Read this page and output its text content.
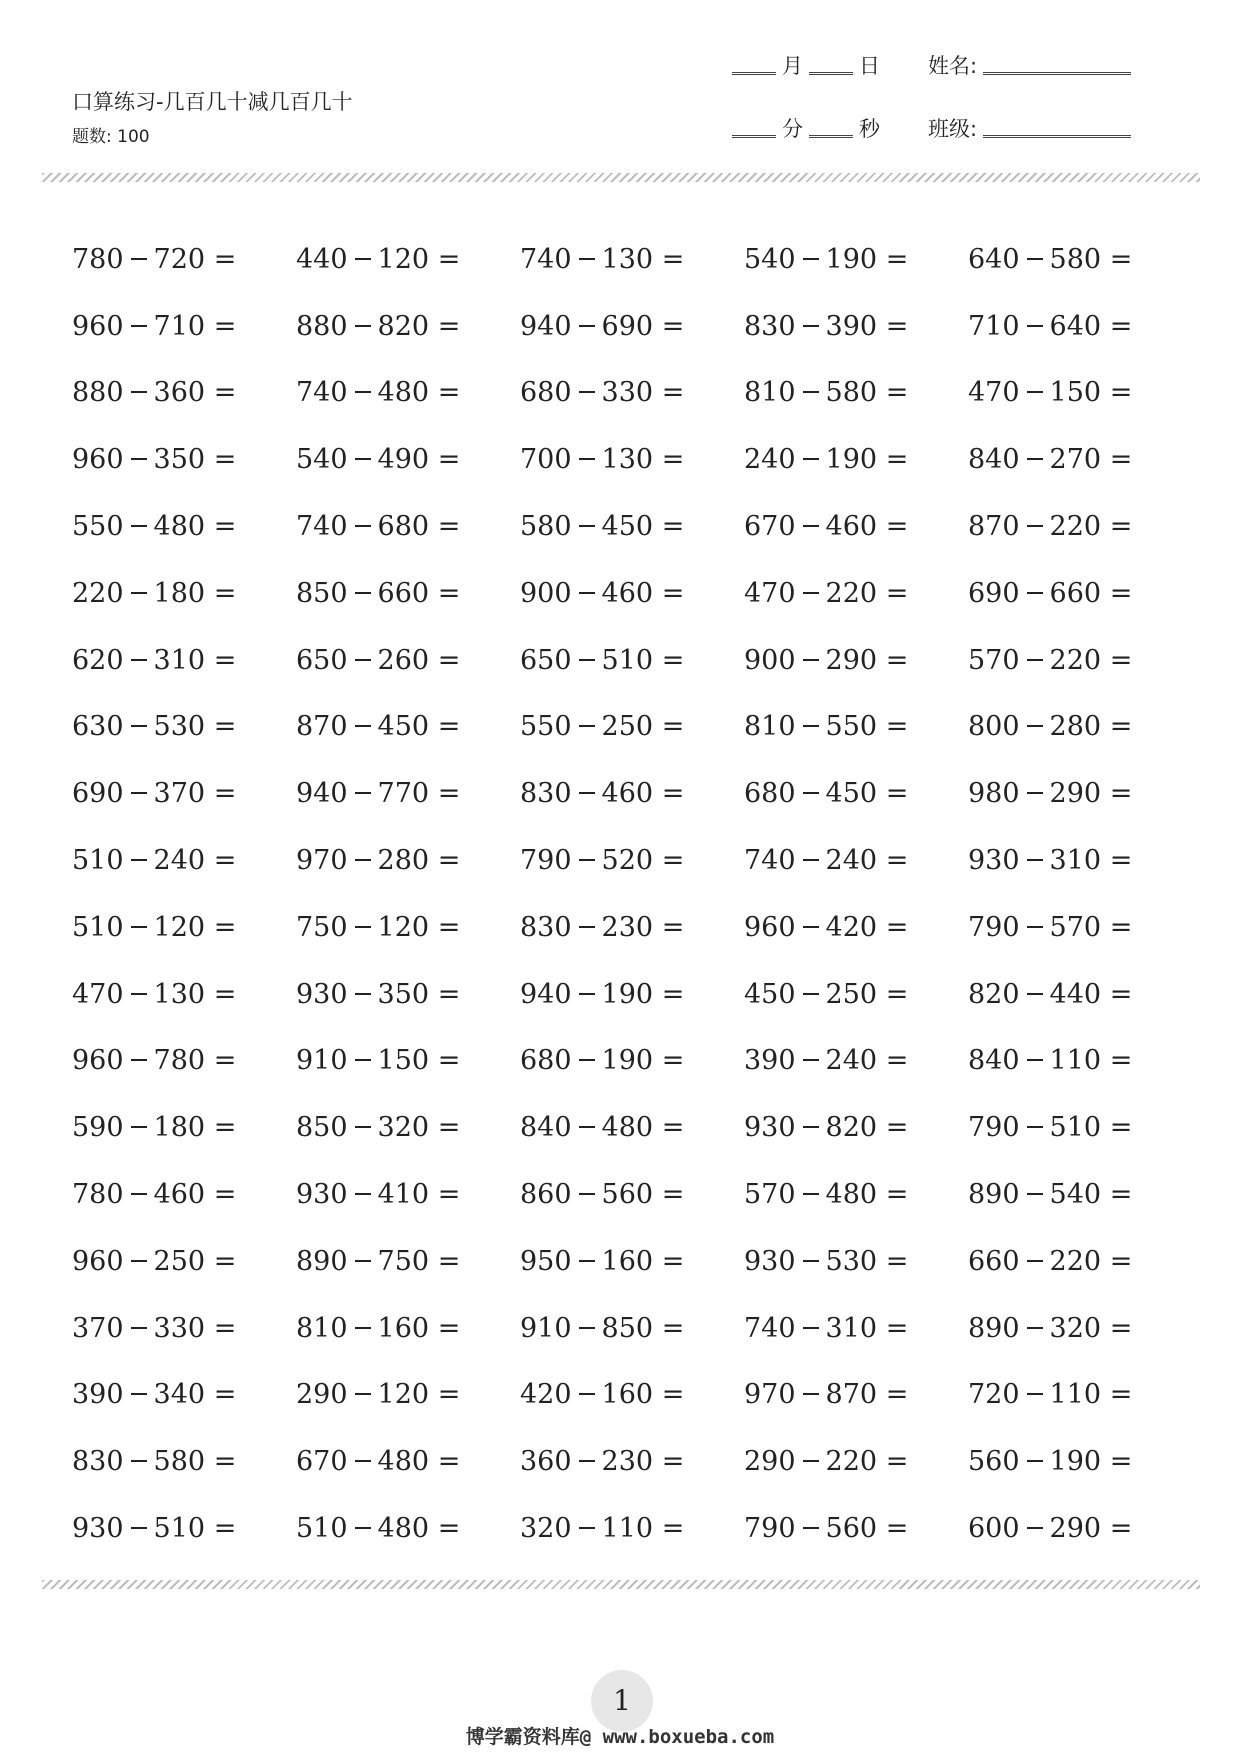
口算练习-几百几十减几百几十
题数: 100
月	日
分	秒
姓名:
班级:
780 720 =	440 120 =	740 130 =	540 190 =	640 580 =
960 710 =	880 820 =	940 690 =	830 390 =	710 640 =
880 360 =	740 480 =	680 330 =	810 580 =	470 150 =
960 350 =	540 490 =	700 130 =	240 190 =	840 270 =
550 480 =	740 680 =	580 450 =	670 460 =	870 220 =
220 180 =	850 660 =	900 460 =	470 220 =	690 660 =
620 310 =	650 260 =	650 510 =	900 290 =	570 220 =
630 530 =	870 450 =	550 250 =	810 550 =	800 280 =
690 370 =	940 770 =	830 460 =	680 450 =	980 290 =
510 240 =	970 280 =	790 520 =	740 240 =	930 310 =
510 120 =	750 120 =	830 230 =	960 420 =	790 570 =
470 130 =	930 350 =	940 190 =	450 250 =	820 440 =
960 780 =	910 150 =	680 190 =	390 240 =	840 110 =
590 180 =	850 320 =	840 480 =	930 820 =	790 510 =
780 460 =	930 410 =	860 560 =	570 480 =	890 540 =
960 250 =	890 750 =	950 160 =	930 530 =	660 220 =
370 330 =	810 160 =	910 850 =	740 310 =	890 320 =
390 340 =	290 120 =	420 160 =	970 870 =	720 110 =
830 580 =	670 480 =	360 230 =	290 220 =	560 190 =
930 510 =	510 480 =	320 110 =	790 560 =	600 290 =
1
博学霸资料库@ www.boxueba.com
